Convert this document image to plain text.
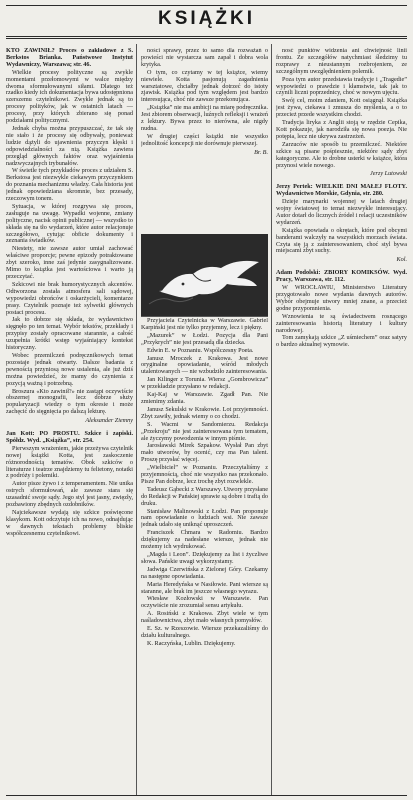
KSIĄŻKI

KTO ZAWINIŁ? Proces o zakładowe z S. Berkstos Brianka. Państwowe Instytut Wydawniczy, Warszawa; str. 46.

Wielkie procesy polityczne są zwykle momentami przełomowymi w walce między dwoma sformułowanymi siłami. Dlatego też rzadko kiedy ich dokumentacja bywa udostępniona szerszemu czytelnikowi. Zwykle jednak są to procesy polityków, jak w ostatnich latach — procesy, przy których zbierano się ponad podziałami politycznymi.

Jednak chyba można przypuszczać, że tak się nie stało i że procesy się odbywały, ponieważ ludzie dążyli do ujawnienia przyczyn klęski i odpowiedzialności za nią. Książka zawiera przegląd głównych faktów oraz wyjaśnienia nadzwyczajnych trybunałów.

W świetle tych przykładów proces z udziałem S. Berkstosa jest niezwykle ciekawym przyczynkiem do poznania mechanizmu władzy. Cała historia jest jednak opowiedziana skromnie, bez przesady, rzeczowym tonem.

Sytuacja, w której rozgrywa się proces, zasługuje na uwagę. Wypadki wojenne, zmiany polityczne, nacisk opinii publicznej — wszystko to składa się na tło wydarzeń, które autor relacjonuje szczegółowo, cytując obficie dokumenty i zeznania świadków.

Niestety, nie zawsze autor umiał zachować właściwe proporcje; pewne epizody potraktowane zbyt szeroko, inne zaś jedynie zasygnalizowane. Mimo to książka jest wartościowa i warto ją przeczytać.

Szkicowi nie brak humorystycznych akcentów. Odtworzona została atmosfera sali sądowej, wypowiedzi obrońców i oskarżycieli, komentarze prasy. Czytelnik poznaje też sylwetki głównych postaci procesu.

Jak to dobrze się składa, że wydawnictwo sięgnęło po ten temat. Wybór tekstów, przekłady i przypisy zostały opracowane starannie, a całość uzupełnia krótki wstęp wyjaśniający kontekst historyczny.

Wobec przemilczeń podręcznikowych temat pozostaje jednak otwarty. Dalsze badania z pewnością przyniosą nowe ustalenia, ale już dziś można powiedzieć, że mamy do czynienia z pozycją ważną i potrzebną.

Broszura «Kto zawinił?» nie zastąpi oczywiście obszernej monografii, lecz dobrze służy popularyzacji wiedzy o tym okresie i może zachęcić do sięgnięcia po dalszą lekturę.

Aleksander Ziemny

Jan Kott: PO PROSTU. Szkice i zapiski. Spółdz. Wyd. „Książka”, str. 254.

Pierwszym wrażeniem, jakie przeżywa czytelnik nowej książki Kotta, jest zaskoczenie różnorodnością tematów. Obok szkiców o literaturze i teatrze znajdziemy tu felietony, notatki z podróży i polemiki.

Autor pisze żywo i z temperamentem. Nie unika ostrych sformułowań, ale zawsze stara się uzasadnić swoje sądy. Jego styl jest jasny, zwięzły, pozbawiony zbędnych ozdobników.

Najciekawsze wydają się szkice poświęcone klasykom. Kott odczytuje ich na nowo, odnajdując w dawnych tekstach problemy bliskie współczesnemu czytelnikowi.

ności sprawy, przez to samo dla rozważań o powieści nie wystarcza sam zapał i dobra wola krytyka.

O tym, co czytamy w tej książce, wiemy niewiele. Kotta pasjonują zagadnienia warsztatowe, chciałby jednak dotrzeć do istoty zjawisk. Książka pod tym względem jest bardzo interesująca, choć nie zawsze przekonująca.

„Książka” nie ma ambicji na miarę podręcznika. Jest zbiorem obserwacji, luźnych refleksji i wrażeń z lektury. Bywa przez to nierówna, ale nigdy nudna.

W drugiej części książki nie wszystko jednolitość koncepcji nie dorównuje pierwszej.

Br. B.

Przyjaciela Czytelnicka w Warszawie. Gabriel Karpiński jest nie tylko przyjemny, lecz i piękny.

„Mazurek” w Łodzi. Pozycja dla Pani „Przykrych” nie jest przesadą dla dziecka.

Edwin E. w Poznaniu. Wspólczesny Poeta.

Janusz Mroczek z Krakowa. Jest nowe oryginalne opowiadanie, wśród młodych utalentowanych — nie wzbudziło zainteresowania.

Jan Kilinger z Torunia. Wiersz „Gombrowicza” w przekładzie przysłano w redakcji.

Kaj-Kaj w Warszawie. Zgadł Pan. Nie zmienimy zdania.

Janusz Sekulski w Krakowie. Lot przyjemności. Zbyt zawiły, jednak wiemy o co chodzi.

S. Wacmi w Sandomierzu. Redakcja „Przekroju” nie jest zainteresowana tym tematem, ale życzymy powodzenia w innym piśmie.

Jarosławski Mirek Szpakow. Wysłał Pan zbyt mało utworów, by ocenić, czy ma Pan talent. Proszę przysłać więcej.

„Wielbiciel” w Poznaniu. Przeczytaliśmy z przyjemnością, choć nie wszystko nas przekonało. Pisze Pan dobrze, lecz trochę zbyt rozwlekle.

Tadeusz Gąbecki z Warszawy. Utwory przysłane do Redakcji w Pańskiej sprawie są dobre i trafią do druku.

Stanisław Malinowski z Łodzi. Pan proponuje nam opowiadanie o ludziach wsi. Nie zawsze jednak udało się uniknąć uproszczeń.

Franciszek Chmara w Radomiu. Bardzo dziękujemy za nadesłane wiersze, jednak nie możemy ich wydrukować.

„Magda i Leon”. Dziękujemy za list i życzliwe słowa. Pańskie uwagi wykorzystamy.

Jadwiga Czerwińska z Zielonej Góry. Czekamy na następne opowiadania.

Maria Heredyńska w Nasiłowie. Pani wiersze są staranne, ale brak im jeszcze własnego wyrazu.

Wiesław Kozłowski w Warszawie. Pan oczywiście nie zrozumiał sensu artykułu.

A. Rosiński z Krakowa. Zbyt wiele w tym naśladownictwa, zbyt mało własnych pomysłów.

E. Sz. w Rzeszowie. Wiersze przekazaliśmy do działu kulturalnego.

K. Raczyńska, Lublin. Dziękujemy.

nosć punktów widzenia ani chwiejność linii frontu. Ze szczegółów natychmiast śledzimy tu rozprawy z nieustannym rozbrojeniem, ze szczególnym uwzględnieniem polemik.

Poza tym autor przedstawia tradycje i „Tragedie” wypowiedzi o prawdzie i kłamstwie, tak jak to czynili liczni poprzednicy, choć w nowym ujęciu.

Swój cel, moim zdaniem, Kott osiągnął. Książka jest żywa, ciekawa i zmusza do myślenia, a o to przecież przede wszystkim chodzi.

Tradycja liryka z Anglii stoją w rzędzie Cepika, Kott pokazuje, jak narodziła się nowa poezja. Nie potępia, lecz nie ukrywa zastrzeżeń.

Zarzuców nie sposób tu przemilczeć. Niektóre szkice są pisane pośpiesznie, niektóre sądy zbyt kategoryczne. Ale to drobne usterki w książce, która przynosi wiele nowego.

Jerzy Lutowski

Jerzy Pertek: WIELKIE DNI MAŁEJ FLOTY. Wydawnictwo Morskie, Gdynia, str. 280.

Dzieje marynarki wojennej w latach drugiej wojny światowej to temat niezwykle interesujący. Autor dotarł do licznych źródeł i relacji uczestników wydarzeń.

Książka opowiada o okrętach, które pod obcymi banderami walczyły na wszystkich morzach świata. Czyta się ją z zainteresowaniem, choć styl bywa miejscami zbyt suchy.

Kol.

Adam Podolski: ZBIORY KOMIKSÓW. Wyd. Pracy, Warszawa, str. 112.

W WROCŁAWIU, Ministerstwo Literatury przygotowało nowe wydania dawnych autorów. Wybór obejmuje utwory mniej znane, a przecież godne przypomnienia.

Wznowienia te są świadectwem rosnącego zainteresowania historią literatury i kultury narodowej.

Tom zamykają szkice „Z uśmiechem” oraz satyry o bardzo aktualnej wymowie.
